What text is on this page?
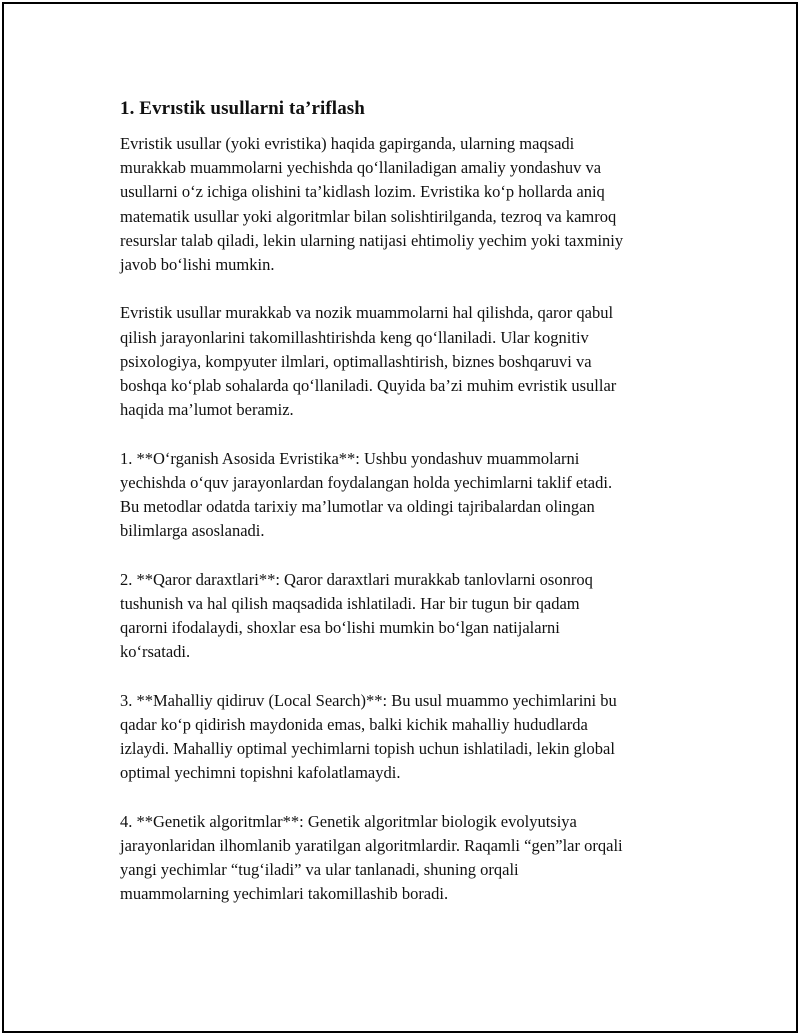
1. Evrıstik usullarni ta’riflash

Evristik usullar (yoki evristika) haqida gapirganda, ularning maqsadi
murakkab muammolarni yechishda qo‘llaniladigan amaliy yondashuv va
usullarni o‘z ichiga olishini ta’kidlash lozim. Evristika ko‘p hollarda aniq
matematik usullar yoki algoritmlar bilan solishtirilganda, tezroq va kamroq
resurslar talab qiladi, lekin ularning natijasi ehtimoliy yechim yoki taxminiy
javob bo‘lishi mumkin.

Evristik usullar murakkab va nozik muammolarni hal qilishda, qaror qabul
qilish jarayonlarini takomillashtirishda keng qo‘llaniladi. Ular kognitiv
psixologiya, kompyuter ilmlari, optimallashtirish, biznes boshqaruvi va
boshqa ko‘plab sohalarda qo‘llaniladi. Quyida ba’zi muhim evristik usullar
haqida ma’lumot beramiz.

1. **O‘rganish Asosida Evristika**: Ushbu yondashuv muammolarni
yechishda o‘quv jarayonlardan foydalangan holda yechimlarni taklif etadi.
Bu metodlar odatda tarixiy ma’lumotlar va oldingi tajribalardan olingan
bilimlarga asoslanadi.

2. **Qaror daraxtlari**: Qaror daraxtlari murakkab tanlovlarni osonroq
tushunish va hal qilish maqsadida ishlatiladi. Har bir tugun bir qadam
qarorni ifodalaydi, shoxlar esa bo‘lishi mumkin bo‘lgan natijalarni
ko‘rsatadi.

3. **Mahalliy qidiruv (Local Search)**: Bu usul muammo yechimlarini bu
qadar ko‘p qidirish maydonida emas, balki kichik mahalliy hududlarda
izlaydi. Mahalliy optimal yechimlarni topish uchun ishlatiladi, lekin global
optimal yechimni topishni kafolatlamaydi.

4. **Genetik algoritmlar**: Genetik algoritmlar biologik evolyutsiya
jarayonlaridan ilhomlanib yaratilgan algoritmlardir. Raqamli “gen”lar orqali
yangi yechimlar “tug‘iladi” va ular tanlanadi, shuning orqali
muammolarning yechimlari takomillashib boradi.
